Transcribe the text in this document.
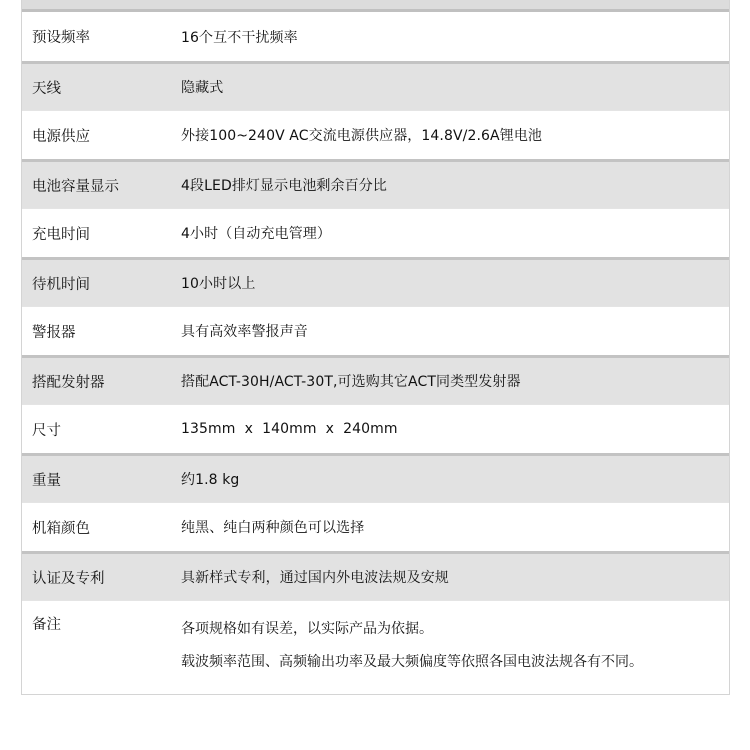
预设频率	16个互不干扰频率
天线	隐藏式
电源供应	外接100~240V AC交流电源供应器，14.8V/2.6A锂电池
电池容量显示	4段LED排灯显示电池剩余百分比
充电时间	4小时（自动充电管理）
待机时间	10小时以上
警报器	具有高效率警报声音
搭配发射器	搭配ACT-30H/ACT-30T,可选购其它ACT同类型发射器
尺寸	135mm  x  140mm  x  240mm
重量	约1.8 kg
机箱颜色	纯黑、纯白两种颜色可以选择
认证及专利	具新样式专利，通过国内外电波法规及安规
备注	各项规格如有误差，以实际产品为依据。
载波频率范围、高频输出功率及最大频偏度等依照各国电波法规各有不同。
